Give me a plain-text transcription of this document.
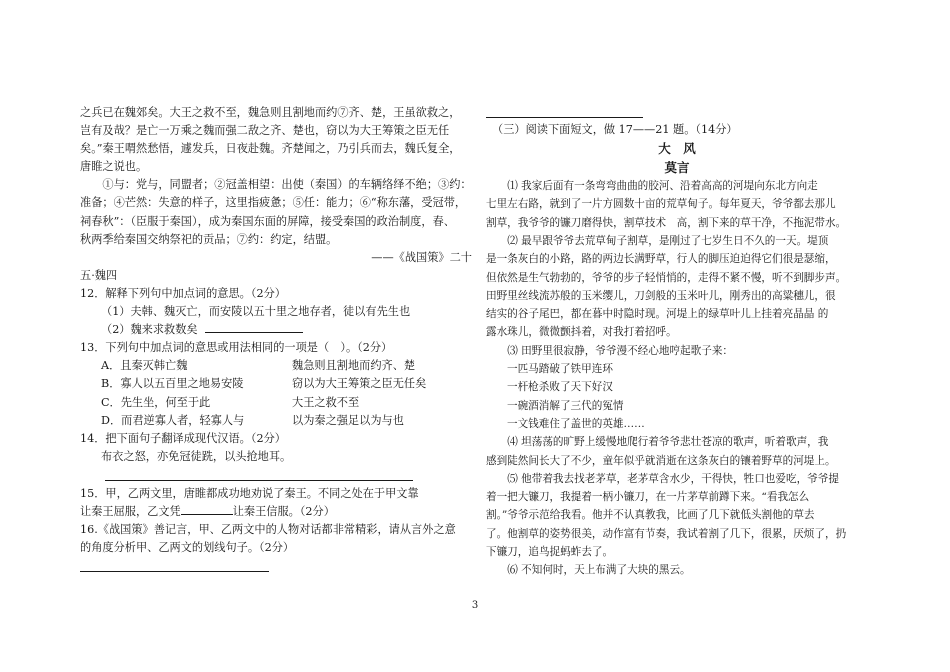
之兵已在魏郊矣。大王之救不至，魏急则且割地而约⑦齐、楚，王虽欲救之，

岂有及哉？是亡一万乘之魏而强二敌之齐、楚也，窃以为大王筹策之臣无任

矣。”秦王喟然愁悟，遽发兵，日夜赴魏。齐楚闻之，乃引兵而去，魏氏复全，

唐睢之说也。

①与：党与，同盟者；②冠盖相望：出使（秦国）的车辆络绎不绝；③约：

准备；④芒然：失意的样子，这里指疲惫；⑤任：能力；⑥“称东藩，受冠带，

祠春秋”：（臣服于秦国），成为秦国东面的屏障，接受秦国的政治制度，春、

秋两季给秦国交纳祭祀的贡品；⑦约：约定，结盟。

——《战国策》二十

五·魏四

12．解释下列句中加点词的意思。（2分）

（1）夫韩、魏灭亡，而安陵以五十里之地存者，徒以有先生也

（2）魏来求救数矣

13．下列句中加点词的意思或用法相同的一项是（　）。（2分）

A．且秦灭韩亡魏	魏急则且割地而约齐、楚
B．寡人以五百里之地易安陵	窃以为大王筹策之臣无任矣
C．先生坐，何至于此	大王之救不至
D．而君逆寡人者，轻寡人与	以为秦之强足以为与也

14．把下面句子翻译成现代汉语。（2分）

布衣之怒，亦免冠徒跣，以头抢地耳。

15．甲，乙两文里，唐睢都成功地劝说了秦王。不同之处在于甲文靠

让秦王屈服，乙文凭	让秦王信服。（2分）

16.《战国策》善记言，甲、乙两文中的人物对话都非常精彩，请从言外之意

的角度分析甲、乙两文的划线句子。（2分）

（三）阅读下面短文，做 17——21 题。（14分）

大　风

莫言

⑴ 我家后面有一条弯弯曲曲的胶河、沿着高高的河堤向东北方向走

七里左右路，就到了一片方圆数十亩的荒草甸子。每年夏天，爷爷都去那儿

割草，我爷爷的镰刀磨得快，割草技术　高，割下来的草干净，不拖泥带水。

⑵ 最早跟爷爷去荒草甸子割草，是刚过了七岁生日不久的一天。堤顶

是一条灰白的小路，路的两边长满野草，行人的脚压迫迫得它们很是瑟缩，

但依然是生气勃勃的，爷爷的步子轻悄悄的，走得不紧不慢，听不到脚步声。

田野里丝线流苏般的玉米缨儿，刀剑般的玉米叶儿，刚秀出的高粱穗儿，很

结实的谷子尾巴，都在暮中时隐时现。河堤上的绿草叶儿上挂着亮晶晶 的

露水珠儿，微微颤抖着，对我打着招呼。

⑶ 田野里很寂静，爷爷漫不经心地哼起歌子来：

一匹马踏破了铁甲连环

一杆枪杀败了天下好汉

一碗酒消解了三代的冤情

一文钱难住了盖世的英雄……

⑷ 坦荡荡的旷野上缓慢地爬行着爷爷悲壮苍凉的歌声，听着歌声，我

感到陡然间长大了不少，童年似乎就消逝在这条灰白的镶着野草的河堤上。

⑸ 他带着我去找老茅草，老茅草含水少，干得快，牲口也爱吃，爷爷提

着一把大镰刀，我提着一柄小镰刀，在一片茅草前蹲下来。“看我怎么

割。”爷爷示范给我看。他并不认真教我，比画了几下就低头割他的草去

了。他割草的姿势很美，动作富有节奏，我试着割了几下，很累，厌烦了，扔

下镰刀，追鸟捉蚂蚱去了。

⑹ 不知何时，天上布满了大块的黑云。

3
